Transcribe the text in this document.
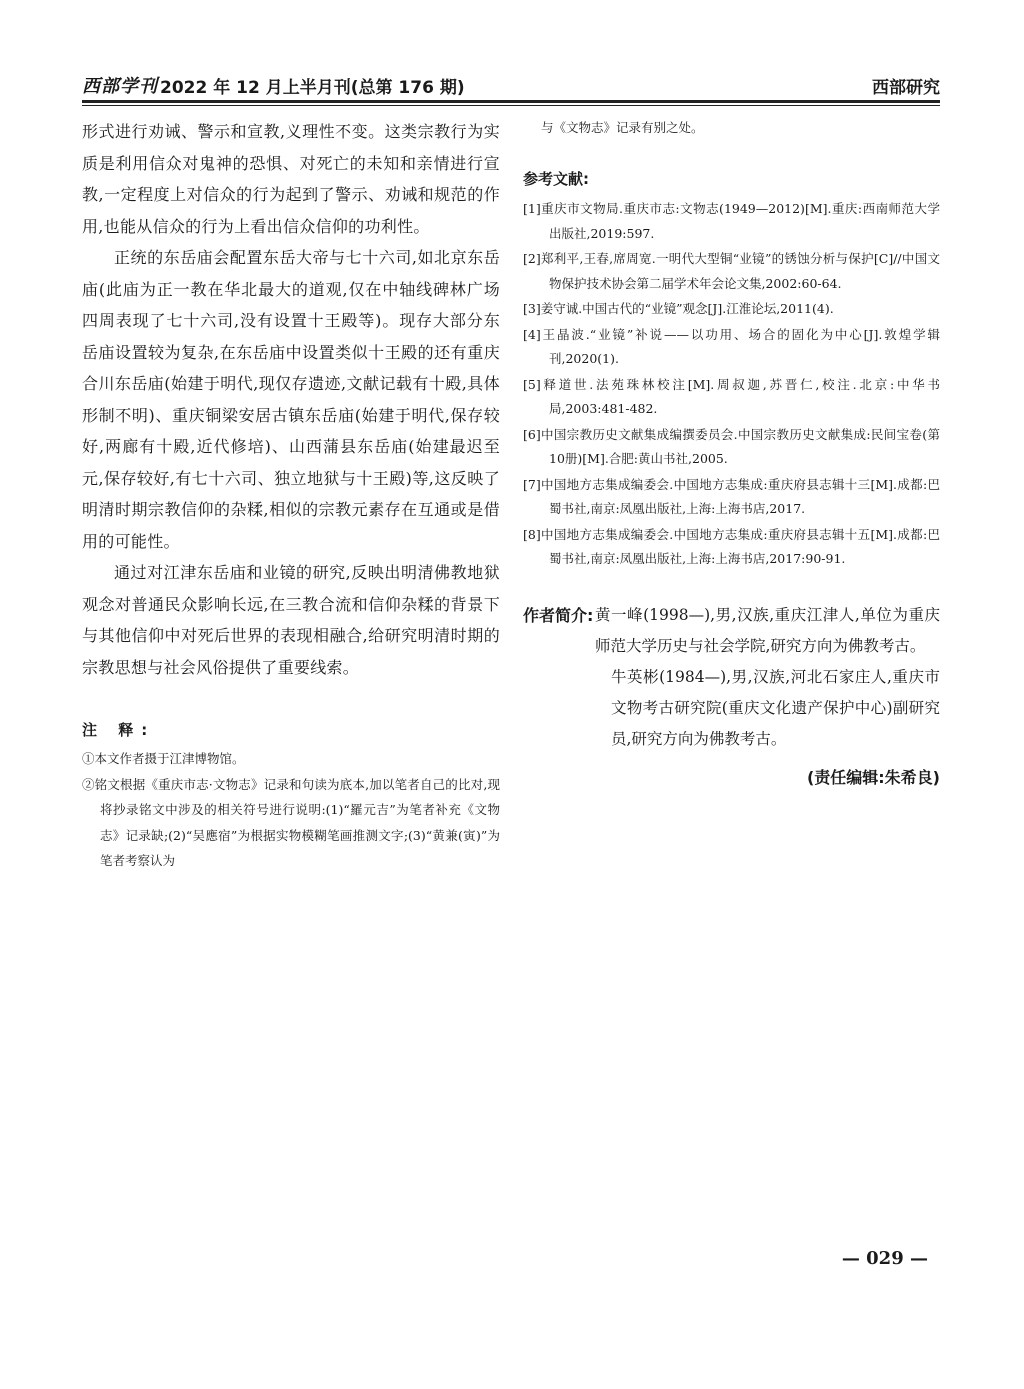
西部学刊 2022 年 12 月上半月刊(总第 176 期)	西部研究

形式进行劝诫、警示和宣教,义理性不变。这类宗教行为实质是利用信众对鬼神的恐惧、对死亡的未知和亲情进行宣教,一定程度上对信众的行为起到了警示、劝诫和规范的作用,也能从信众的行为上看出信众信仰的功利性。

正统的东岳庙会配置东岳大帝与七十六司,如北京东岳庙(此庙为正一教在华北最大的道观,仅在中轴线碑林广场四周表现了七十六司,没有设置十王殿等)。现存大部分东岳庙设置较为复杂,在东岳庙中设置类似十王殿的还有重庆合川东岳庙(始建于明代,现仅存遗迹,文献记载有十殿,具体形制不明)、重庆铜梁安居古镇东岳庙(始建于明代,保存较好,两廊有十殿,近代修培)、山西蒲县东岳庙(始建最迟至元,保存较好,有七十六司、独立地狱与十王殿)等,这反映了明清时期宗教信仰的杂糅,相似的宗教元素存在互通或是借用的可能性。

通过对江津东岳庙和业镜的研究,反映出明清佛教地狱观念对普通民众影响长远,在三教合流和信仰杂糅的背景下与其他信仰中对死后世界的表现相融合,给研究明清时期的宗教思想与社会风俗提供了重要线索。

注 释:

①本文作者摄于江津博物馆。

②铭文根据《重庆市志·文物志》记录和句读为底本,加以笔者自己的比对,现将抄录铭文中涉及的相关符号进行说明:(1)“羅元吉”为笔者补充《文物志》记录缺;(2)“吴應宿”为根据实物模糊笔画推测文字;(3)“黄兼(寅)”为笔者考察认为

与《文物志》记录有别之处。

参考文献:

[1]重庆市文物局.重庆市志:文物志(1949—2012)[M].重庆:西南师范大学出版社,2019:597.

[2]郑利平,王春,席周宽.一明代大型铜“业镜”的锈蚀分析与保护[C]//中国文物保护技术协会第二届学术年会论文集,2002:60-64.

[3]姜守诚.中国古代的“业镜”观念[J].江淮论坛,2011(4).

[4]王晶波.“业镜”补说——以功用、场合的固化为中心[J].敦煌学辑刊,2020(1).

[5]释道世.法苑珠林校注[M].周叔迦,苏晋仁,校注.北京:中华书局,2003:481-482.

[6]中国宗教历史文献集成编撰委员会.中国宗教历史文献集成:民间宝卷(第10册)[M].合肥:黄山书社,2005.

[7]中国地方志集成编委会.中国地方志集成:重庆府县志辑十三[M].成都:巴蜀书社,南京:凤凰出版社,上海:上海书店,2017.

[8]中国地方志集成编委会.中国地方志集成:重庆府县志辑十五[M].成都:巴蜀书社,南京:凤凰出版社,上海:上海书店,2017:90-91.

作者简介: 黄一峰(1998—),男,汉族,重庆江津人,单位为重庆师范大学历史与社会学院,研究方向为佛教考古。

牛英彬(1984—),男,汉族,河北石家庄人,重庆市文物考古研究院(重庆文化遗产保护中心)副研究员,研究方向为佛教考古。

(责任编辑:朱希良)
— 029 —
